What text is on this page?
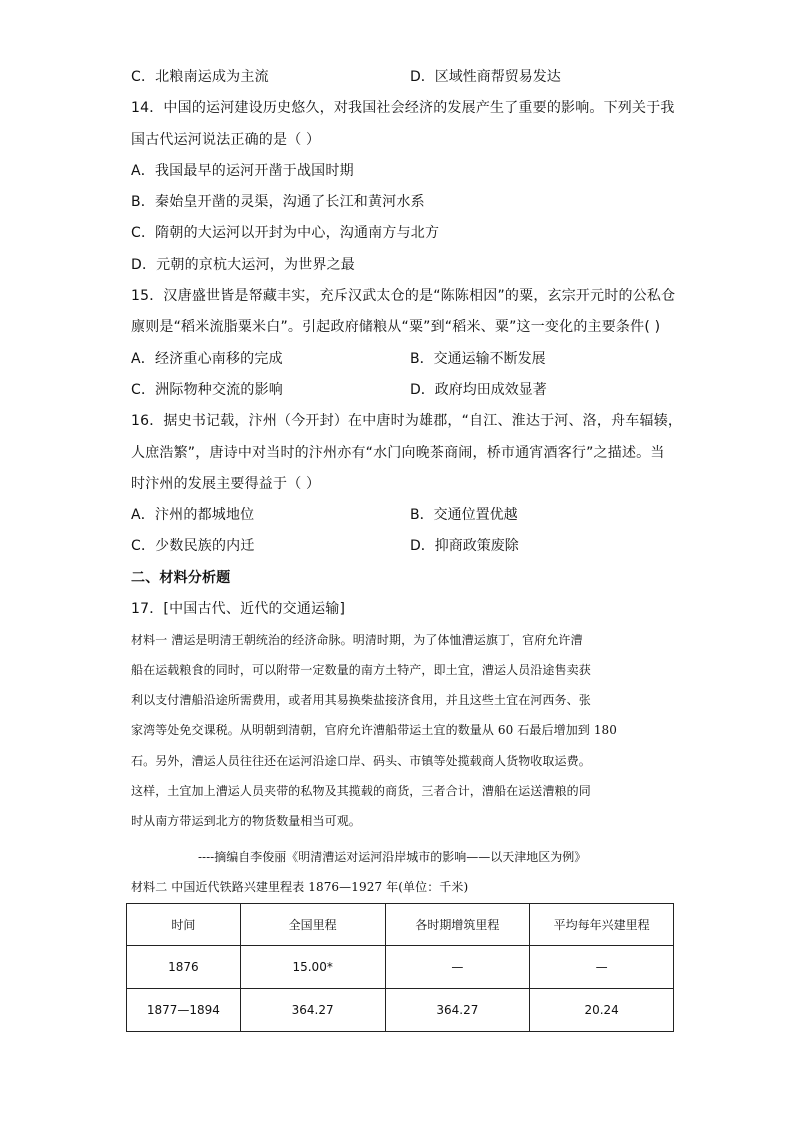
C．北粮南运成为主流	D．区域性商帮贸易发达
14．中国的运河建设历史悠久，对我国社会经济的发展产生了重要的影响。下列关于我
国古代运河说法正确的是（ ）
A．我国最早的运河开凿于战国时期
B．秦始皇开凿的灵渠，沟通了长江和黄河水系
C．隋朝的大运河以开封为中心，沟通南方与北方
D．元朝的京杭大运河，为世界之最
15．汉唐盛世皆是帑藏丰实，充斥汉武太仓的是“陈陈相因”的粟，玄宗开元时的公私仓
廪则是“稻米流脂粟米白”。引起政府储粮从“粟”到“稻米、粟”这一变化的主要条件( )
A．经济重心南移的完成	B．交通运输不断发展
C．洲际物种交流的影响	D．政府均田成效显著
16．据史书记载，汴州（今开封）在中唐时为雄郡，“自江、淮达于河、洛，舟车辐辏，
人庶浩繁”，唐诗中对当时的汴州亦有“水门向晚茶商闹，桥市通宵酒客行”之描述。当
时汴州的发展主要得益于（ ）
A．汴州的都城地位	B．交通位置优越
C．少数民族的内迁	D．抑商政策废除
二、材料分析题
17．[中国古代、近代的交通运输]
材料一 漕运是明清王朝统治的经济命脉。明清时期，为了体恤漕运旗丁，官府允许漕
船在运载粮食的同时，可以附带一定数量的南方土特产，即土宜，漕运人员沿途售卖获
利以支付漕船沿途所需费用，或者用其易换柴盐接济食用，并且这些土宜在河西务、张
家湾等处免交课税。从明朝到清朝，官府允许漕船带运土宜的数量从 60 石最后增加到 180
石。另外，漕运人员往往还在运河沿途口岸、码头、市镇等处揽载商人货物收取运费。
这样，土宜加上漕运人员夹带的私物及其揽载的商货，三者合计，漕船在运送漕粮的同
时从南方带运到北方的物货数量相当可观。
----摘编自李俊丽《明清漕运对运河沿岸城市的影响——以天津地区为例》
材料二 中国近代铁路兴建里程表 1876—1927 年(单位：千米)
时间	全国里程	各时期增筑里程	平均每年兴建里程
1876	15.00*	—	—
1877—1894	364.27	364.27	20.24
